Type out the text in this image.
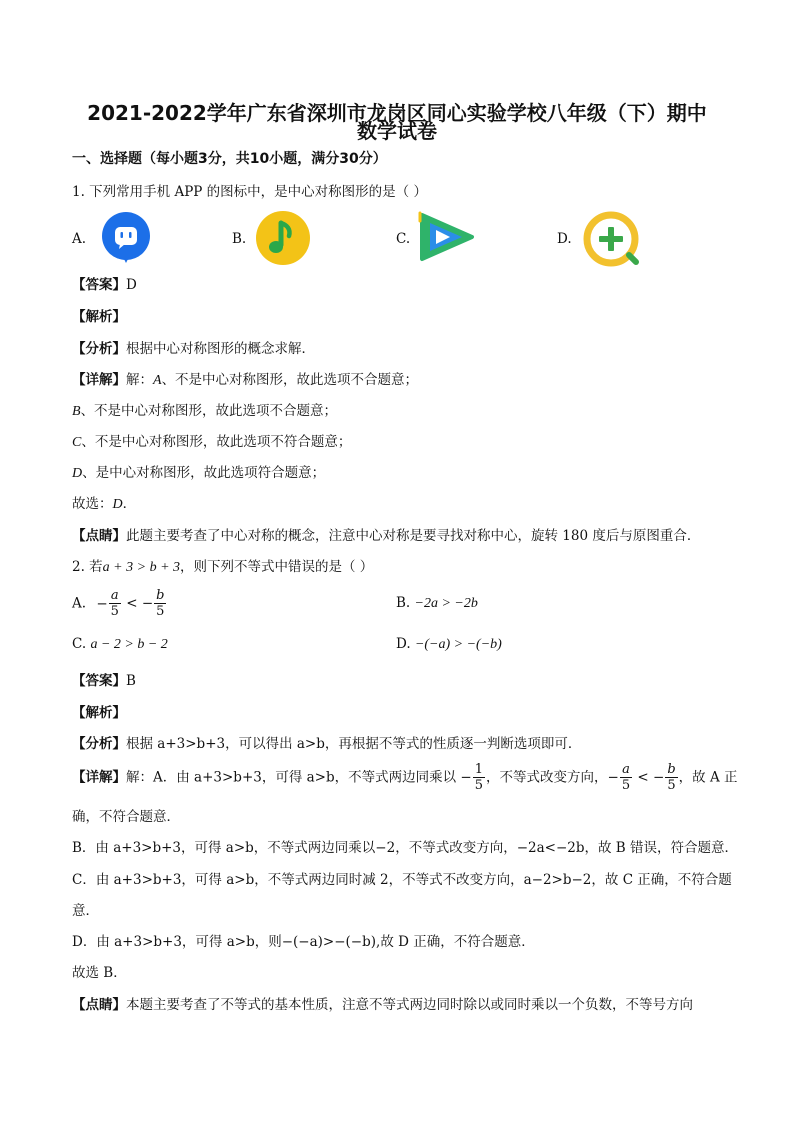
2021-2022学年广东省深圳市龙岗区同心实验学校八年级（下）期中
数学试卷
一、选择题（每小题3分，共10小题，满分30分）
1. 下列常用手机 APP 的图标中，是中心对称图形的是（ ）
A.	B.	C.	D.
【答案】D
【解析】
【分析】根据中心对称图形的概念求解．
【详解】解：A、不是中心对称图形，故此选项不合题意；
B、不是中心对称图形，故此选项不合题意；
C、不是中心对称图形，故此选项不符合题意；
D、是中心对称图形，故此选项符合题意；
故选：D．
【点睛】此题主要考查了中心对称的概念，注意中心对称是要寻找对称中心，旋转 180 度后与原图重合．
2. 若a + 3 > b + 3，则下列不等式中错误的是（ ）
A. − $\frac{a}{5}$ < − $\frac{b}{5}$	B. −2a > −2b
C. a − 2 > b − 2	D. −(−a) > −(−b)
【答案】B
【解析】
【分析】根据 a+3>b+3，可以得出 a>b，再根据不等式的性质逐一判断选项即可．
【详解】解：A．由 a+3>b+3，可得 a>b，不等式两边同乘以 − $\frac{1}{5}$ ，不等式改变方向，− $\frac{a}{5}$ < − $\frac{b}{5}$ ，故 A 正
确，不符合题意．
B．由 a+3>b+3，可得 a>b，不等式两边同乘以−2，不等式改变方向，−2a<−2b，故 B 错误，符合题意．
C．由 a+3>b+3，可得 a>b，不等式两边同时减 2，不等式不改变方向，a−2>b−2，故 C 正确，不符合题
意．
D．由 a+3>b+3，可得 a>b，则−(−a)>−(−b),故 D 正确，不符合题意．
故选 B．
【点睛】本题主要考查了不等式的基本性质，注意不等式两边同时除以或同时乘以一个负数，不等号方向
